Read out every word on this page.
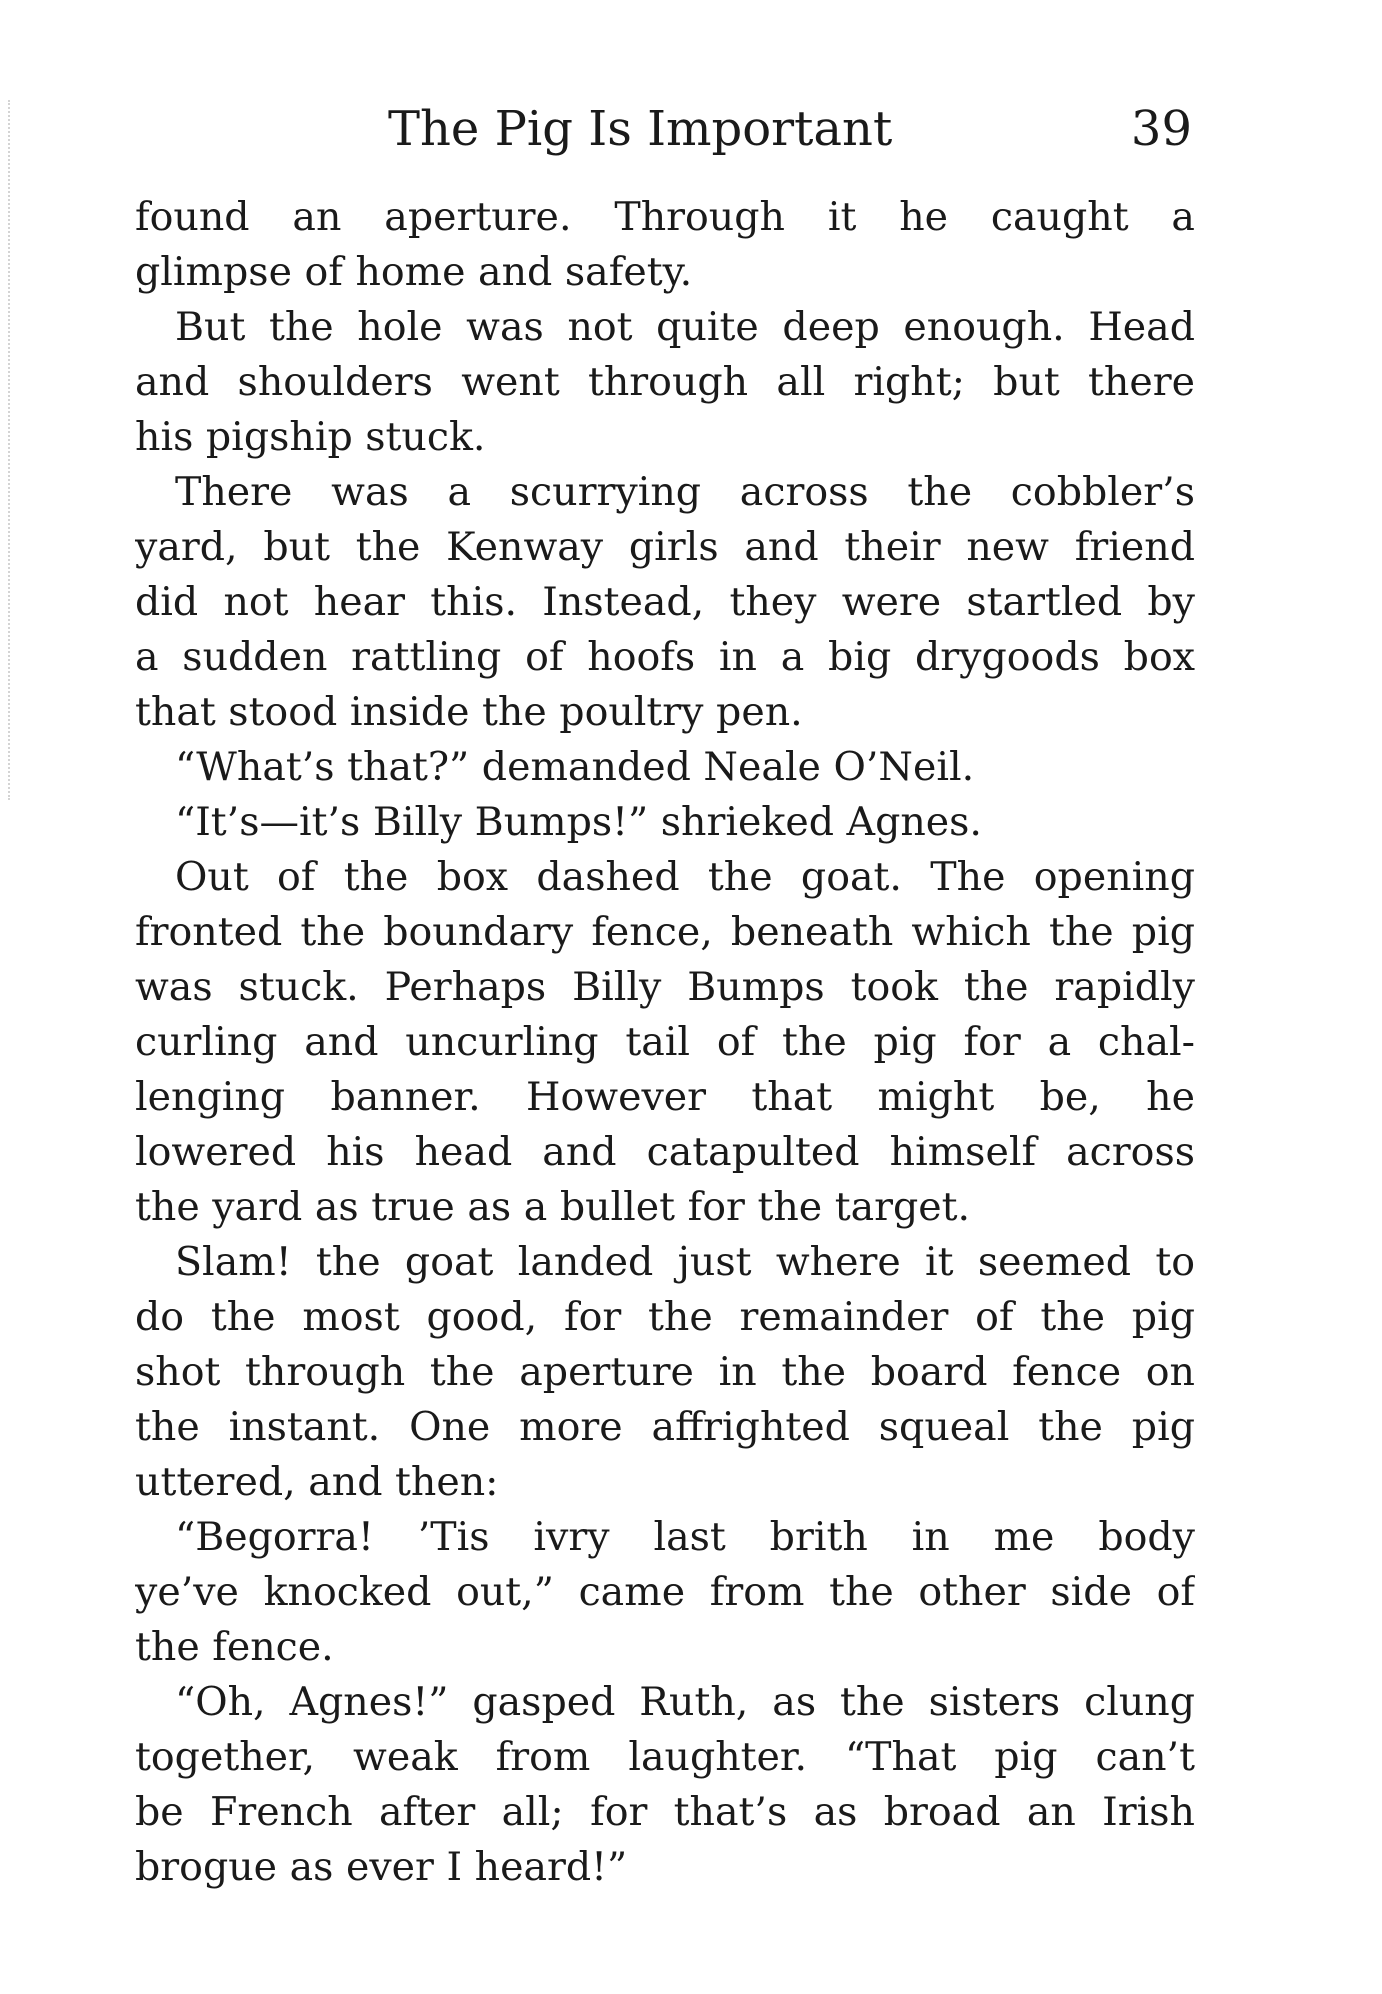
The Pig Is Important	39
found an aperture. Through it he caught a
glimpse of home and safety.
But the hole was not quite deep enough. Head
and shoulders went through all right; but there
his pigship stuck.
There was a scurrying across the cobbler’s
yard, but the Kenway girls and their new friend
did not hear this. Instead, they were startled by
a sudden rattling of hoofs in a big drygoods box
that stood inside the poultry pen.
“What’s that?” demanded Neale O’Neil.
“It’s—it’s Billy Bumps!” shrieked Agnes.
Out of the box dashed the goat. The opening
fronted the boundary fence, beneath which the pig
was stuck. Perhaps Billy Bumps took the rapidly
curling and uncurling tail of the pig for a chal-
lenging banner. However that might be, he
lowered his head and catapulted himself across
the yard as true as a bullet for the target.
Slam! the goat landed just where it seemed to
do the most good, for the remainder of the pig
shot through the aperture in the board fence on
the instant. One more affrighted squeal the pig
uttered, and then:
“Begorra! ’Tis ivry last brith in me body
ye’ve knocked out,” came from the other side of
the fence.
“Oh, Agnes!” gasped Ruth, as the sisters clung
together, weak from laughter. “That pig can’t
be French after all; for that’s as broad an Irish
brogue as ever I heard!”
